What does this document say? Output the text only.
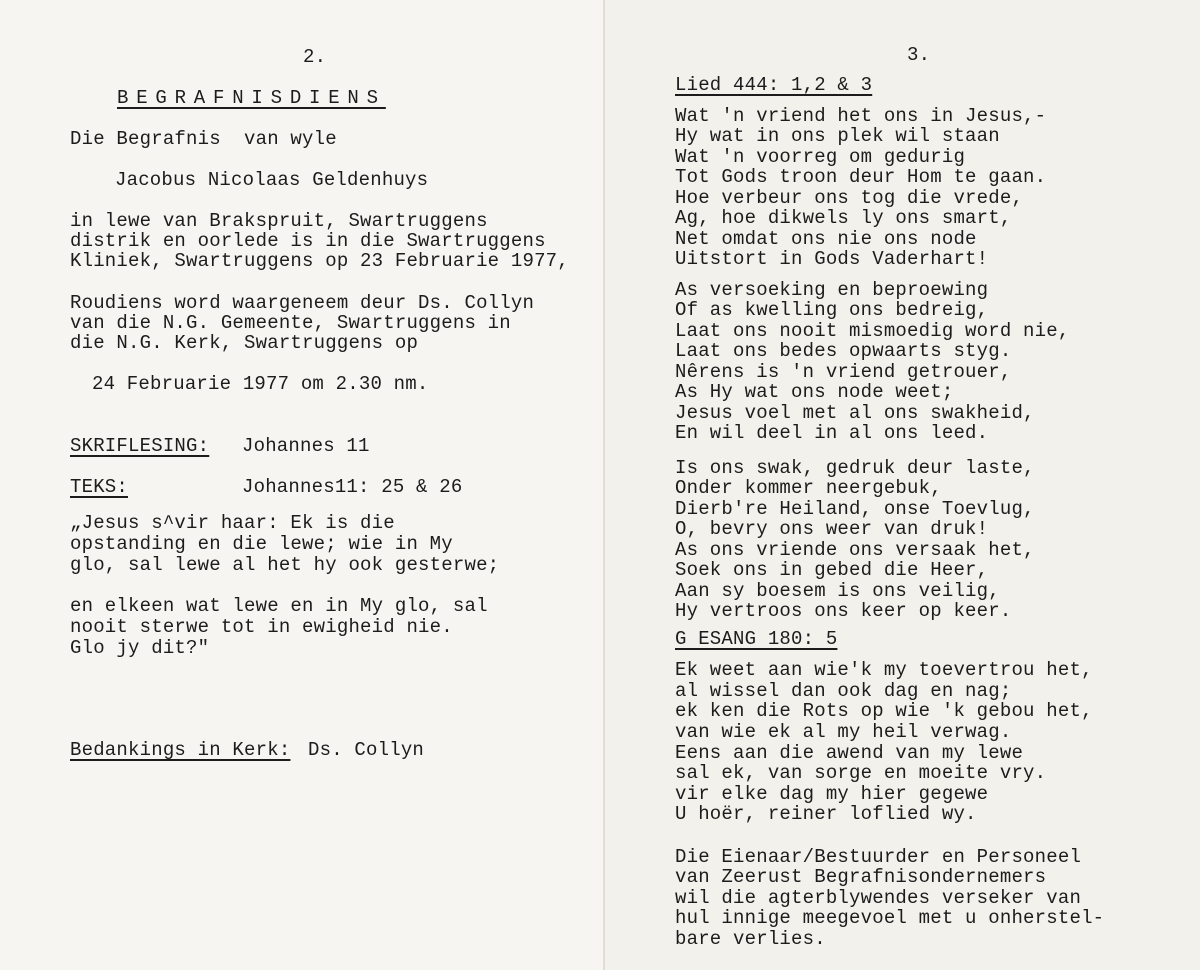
2.
BEGRAFNISDIENS
Die Begrafnis  van wyle
Jacobus Nicolaas Geldenhuys
in lewe van Brakspruit, Swartruggens
distrik en oorlede is in die Swartruggens
Kliniek, Swartruggens op 23 Februarie 1977,
Roudiens word waargeneem deur Ds. Collyn
van die N.G. Gemeente, Swartruggens in
die N.G. Kerk, Swartruggens op
24 Februarie 1977 om 2.30 nm.
SKRIFLESING: Johannes 11
TEKS:	Johannes11: 25 & 26
„Jesus s^vir haar: Ek is die
opstanding en die lewe; wie in My
glo, sal lewe al het hy ook gesterwe;
en elkeen wat lewe en in My glo, sal
nooit sterwe tot in ewigheid nie.
Glo jy dit?"
Bedankings in Kerk: Ds. Collyn
3.
Lied 444: 1,2 & 3
Wat 'n vriend het ons in Jesus,-
Hy wat in ons plek wil staan
Wat 'n voorreg om gedurig
Tot Gods troon deur Hom te gaan.
Hoe verbeur ons tog die vrede,
Ag, hoe dikwels ly ons smart,
Net omdat ons nie ons node
Uitstort in Gods Vaderhart!
As versoeking en beproewing
Of as kwelling ons bedreig,
Laat ons nooit mismoedig word nie,
Laat ons bedes opwaarts styg.
Nêrens is 'n vriend getrouer,
As Hy wat ons node weet;
Jesus voel met al ons swakheid,
En wil deel in al ons leed.
Is ons swak, gedruk deur laste,
Onder kommer neergebuk,
Dierb're Heiland, onse Toevlug,
O, bevry ons weer van druk!
As ons vriende ons versaak het,
Soek ons in gebed die Heer,
Aan sy boesem is ons veilig,
Hy vertroos ons keer op keer.
G ESANG 180: 5
Ek weet aan wie'k my toevertrou het,
al wissel dan ook dag en nag;
ek ken die Rots op wie 'k gebou het,
van wie ek al my heil verwag.
Eens aan die awend van my lewe
sal ek, van sorge en moeite vry.
vir elke dag my hier gegewe
U hoër, reiner loflied wy.
Die Eienaar/Bestuurder en Personeel
van Zeerust Begrafnisondernemers
wil die agterblywendes verseker van
hul innige meegevoel met u onherstel-
bare verlies.
